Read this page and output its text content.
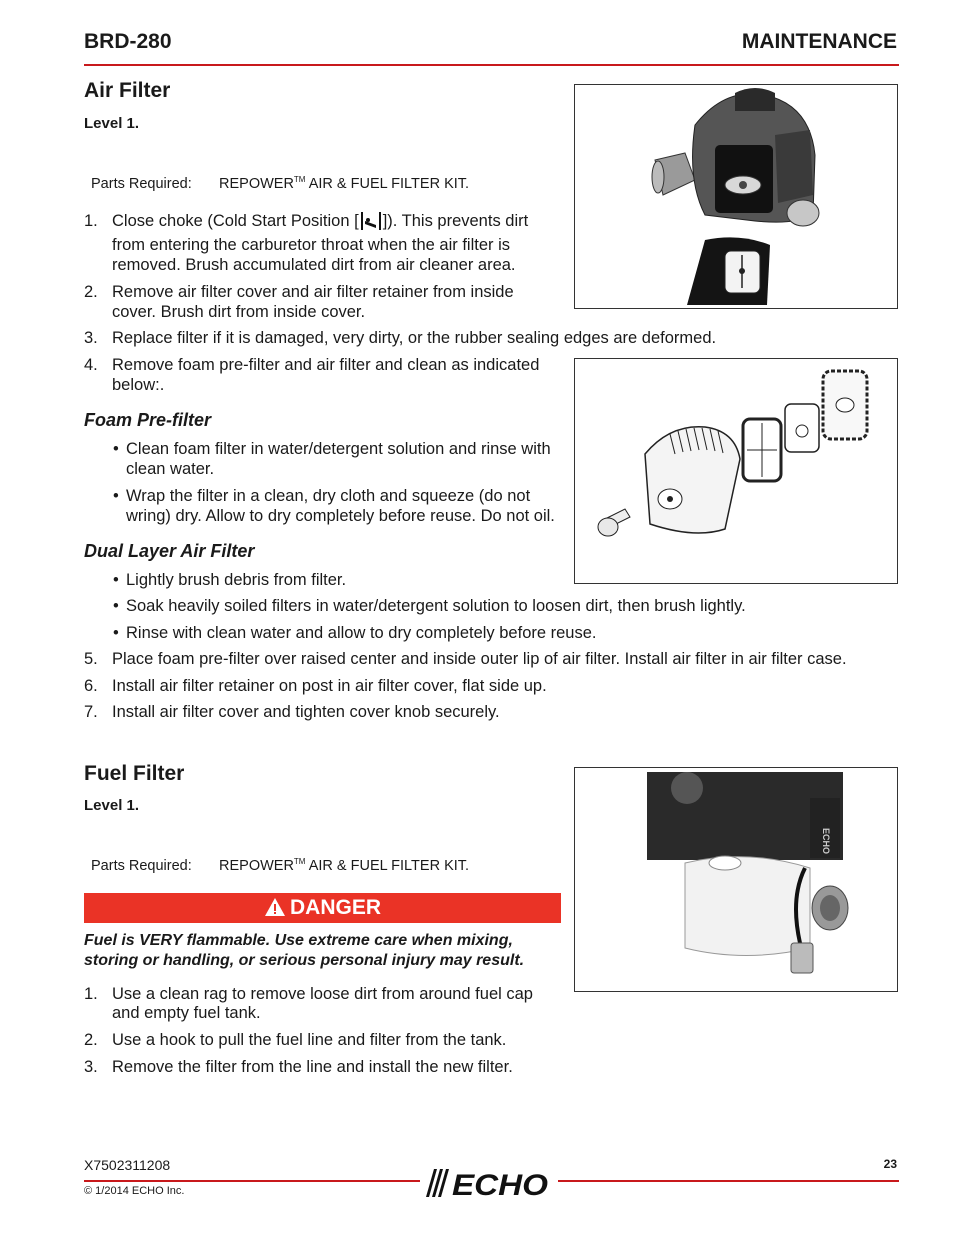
BRD-280	MAINTENANCE
Air Filter
Level 1.
Parts Required: REPOWER™ AIR & FUEL FILTER KIT.
1. Close choke (Cold Start Position [ ]). This prevents dirt
from entering the carburetor throat when the air filter is
removed. Brush accumulated dirt from air cleaner area.
2. Remove air filter cover and air filter retainer from inside
cover. Brush dirt from inside cover.
3. Replace filter if it is damaged, very dirty, or the rubber sealing edges are deformed.
4. Remove foam pre-filter and air filter and clean as indicated
below:.
Foam Pre-filter
• Clean foam filter in water/detergent solution and rinse with
clean water.
• Wrap the filter in a clean, dry cloth and squeeze (do not
wring) dry. Allow to dry completely before reuse. Do not oil.
Dual Layer Air Filter
• Lightly brush debris from filter.
• Soak heavily soiled filters in water/detergent solution to loosen dirt, then brush lightly.
• Rinse with clean water and allow to dry completely before reuse.
5. Place foam pre-filter over raised center and inside outer lip of air filter. Install air filter in air filter case.
6. Install air filter retainer on post in air filter cover, flat side up.
7. Install air filter cover and tighten cover knob securely.
Fuel Filter
Level 1.
Parts Required: REPOWER™ AIR & FUEL FILTER KIT.
ECHO
DANGER
Fuel is VERY flammable. Use extreme care when mixing,
storing or handling, or serious personal injury may result.
1. Use a clean rag to remove loose dirt from around fuel cap
and empty fuel tank.
2. Use a hook to pull the fuel line and filter from the tank.
3. Remove the filter from the line and install the new filter.
X7502311208	23
ECHO
© 1/2014 ECHO Inc.
